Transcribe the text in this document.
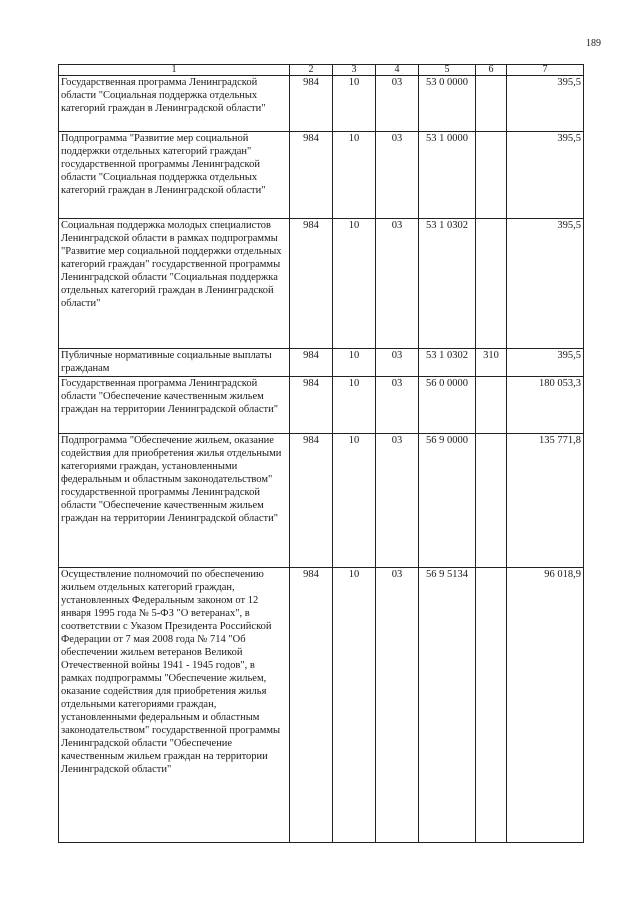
189
1	2	3	4	5	6	7
Государственная программа Ленинградской области "Социальная поддержка отдельных категорий граждан в Ленинградской области"	984	10	03	53 0 0000		395,5
Подпрограмма "Развитие мер социальной поддержки отдельных категорий граждан" государственной программы Ленинградской области "Социальная поддержка отдельных категорий граждан в Ленинградской области"	984	10	03	53 1 0000		395,5
Социальная поддержка молодых специалистов Ленинградской области в рамках подпрограммы "Развитие мер социальной поддержки отдельных категорий граждан" государственной программы Ленинградской области "Социальная поддержка отдельных категорий граждан в Ленинградской области"	984	10	03	53 1 0302		395,5
Публичные нормативные социальные выплаты гражданам	984	10	03	53 1 0302	310	395,5
Государственная программа Ленинградской области "Обеспечение качественным жильем граждан на территории Ленинградской области"	984	10	03	56 0 0000		180 053,3
Подпрограмма "Обеспечение жильем, оказание содействия для приобретения жилья отдельными категориями граждан, установленными федеральным и областным законодательством" государственной программы Ленинградской области "Обеспечение качественным жильем граждан на территории Ленинградской области"	984	10	03	56 9 0000		135 771,8
Осуществление полномочий по обеспечению жильем отдельных категорий граждан, установленных Федеральным законом от 12 января 1995 года № 5-ФЗ "О ветеранах", в соответствии с Указом Президента Российской Федерации от 7 мая 2008 года № 714 "Об обеспечении жильем ветеранов Великой Отечественной войны 1941 - 1945 годов", в рамках подпрограммы "Обеспечение жильем, оказание содействия для приобретения жилья отдельными категориями граждан, установленными федеральным и областным законодательством" государственной программы Ленинградской области "Обеспечение качественным жильем граждан на территории Ленинградской области"	984	10	03	56 9 5134		96 018,9
